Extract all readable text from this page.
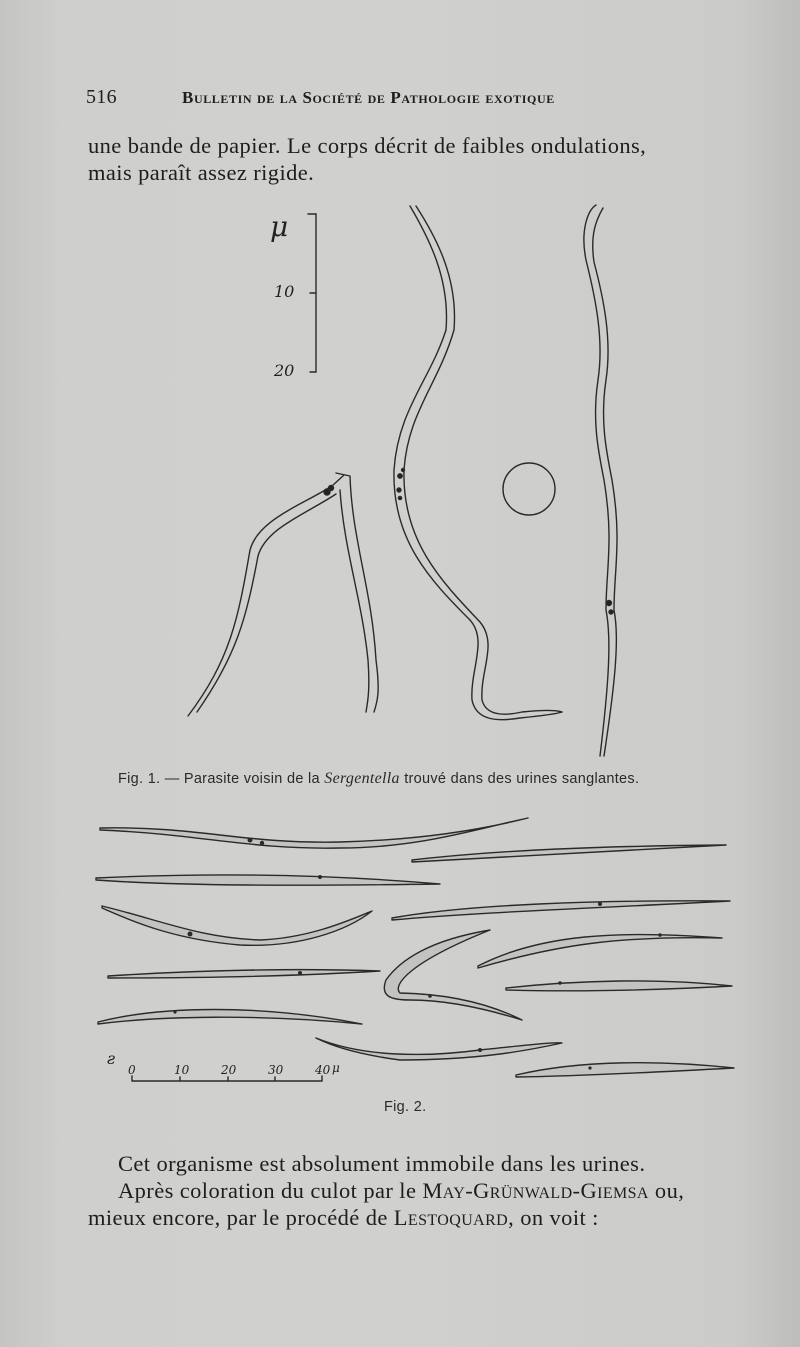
516	Bulletin de la Société de Pathologie exotique

une bande de papier. Le corps décrit de faibles ondulations,

mais paraît assez rigide.

μ
10
20
ƨ
0	10	20	30	40 μ
Fig. 1. — Parasite voisin de la Sergentella trouvé dans des urines sanglantes.
Fig. 2.

Cet organisme est absolument immobile dans les urines.

Après coloration du culot par le May-Grünwald-Giemsa ou,

mieux encore, par le procédé de Lestoquard, on voit :
